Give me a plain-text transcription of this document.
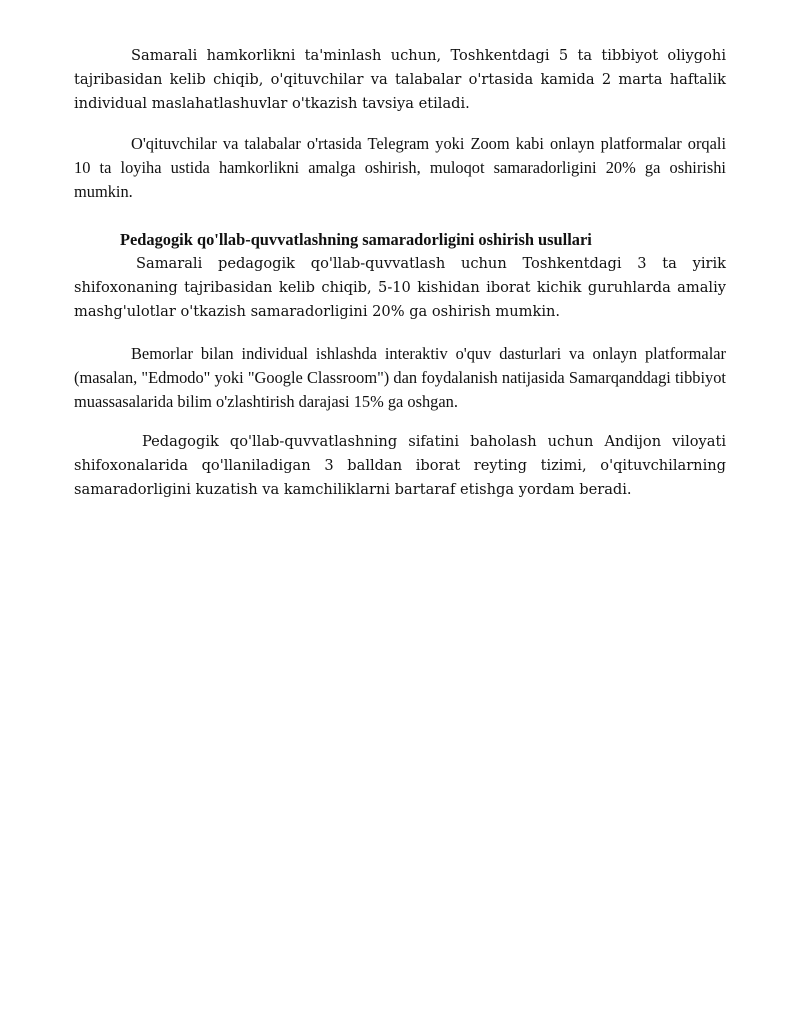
Samarali hamkorlikni ta'minlash uchun, Toshkentdagi 5 ta tibbiyot oliygohi tajribasidan kelib chiqib, o'qituvchilar va talabalar o'rtasida kamida 2 marta haftalik individual maslahatlashuvlar o'tkazish tavsiya etiladi.

O'qituvchilar va talabalar o'rtasida Telegram yoki Zoom kabi onlayn platformalar orqali 10 ta loyiha ustida hamkorlikni amalga oshirish, muloqot samaradorligini 20% ga oshirishi mumkin.

Pedagogik qo'llab-quvvatlashning samaradorligini oshirish usullari

Samarali pedagogik qo'llab-quvvatlash uchun Toshkentdagi 3 ta yirik shifoxonaning tajribasidan kelib chiqib, 5-10 kishidan iborat kichik guruhlarda amaliy mashg'ulotlar o'tkazish samaradorligini 20% ga oshirish mumkin.

Bemorlar bilan individual ishlashda interaktiv o'quv dasturlari va onlayn platformalar (masalan, "Edmodo" yoki "Google Classroom") dan foydalanish natijasida Samarqanddagi tibbiyot muassasalarida bilim o'zlashtirish darajasi 15% ga oshgan.

Pedagogik qo'llab-quvvatlashning sifatini baholash uchun Andijon viloyati shifoxonalarida qo'llaniladigan 3 balldan iborat reyting tizimi, o'qituvchilarning samaradorligini kuzatish va kamchiliklarni bartaraf etishga yordam beradi.
